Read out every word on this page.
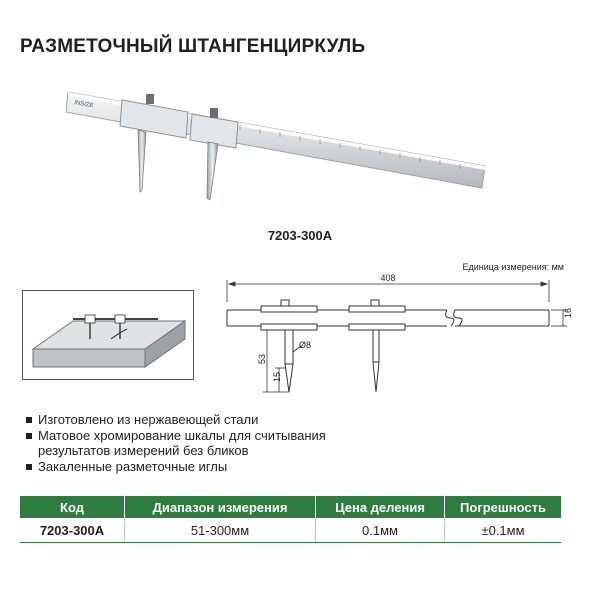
РАЗМЕТОЧНЫЙ ШТАНГЕНЦИРКУЛЬ
INSIZE
7203-300A
Единица измерения: мм
408
16
53
15
Ø8
Изготовлено из нержавеющей стали
Матовое хромирование шкалы для считывания результатов измерений без бликов
Закаленные разметочные иглы
Код	Диапазон измерения	Цена деления	Погрешность
7203-300A	51-300мм	0.1мм	±0.1мм
